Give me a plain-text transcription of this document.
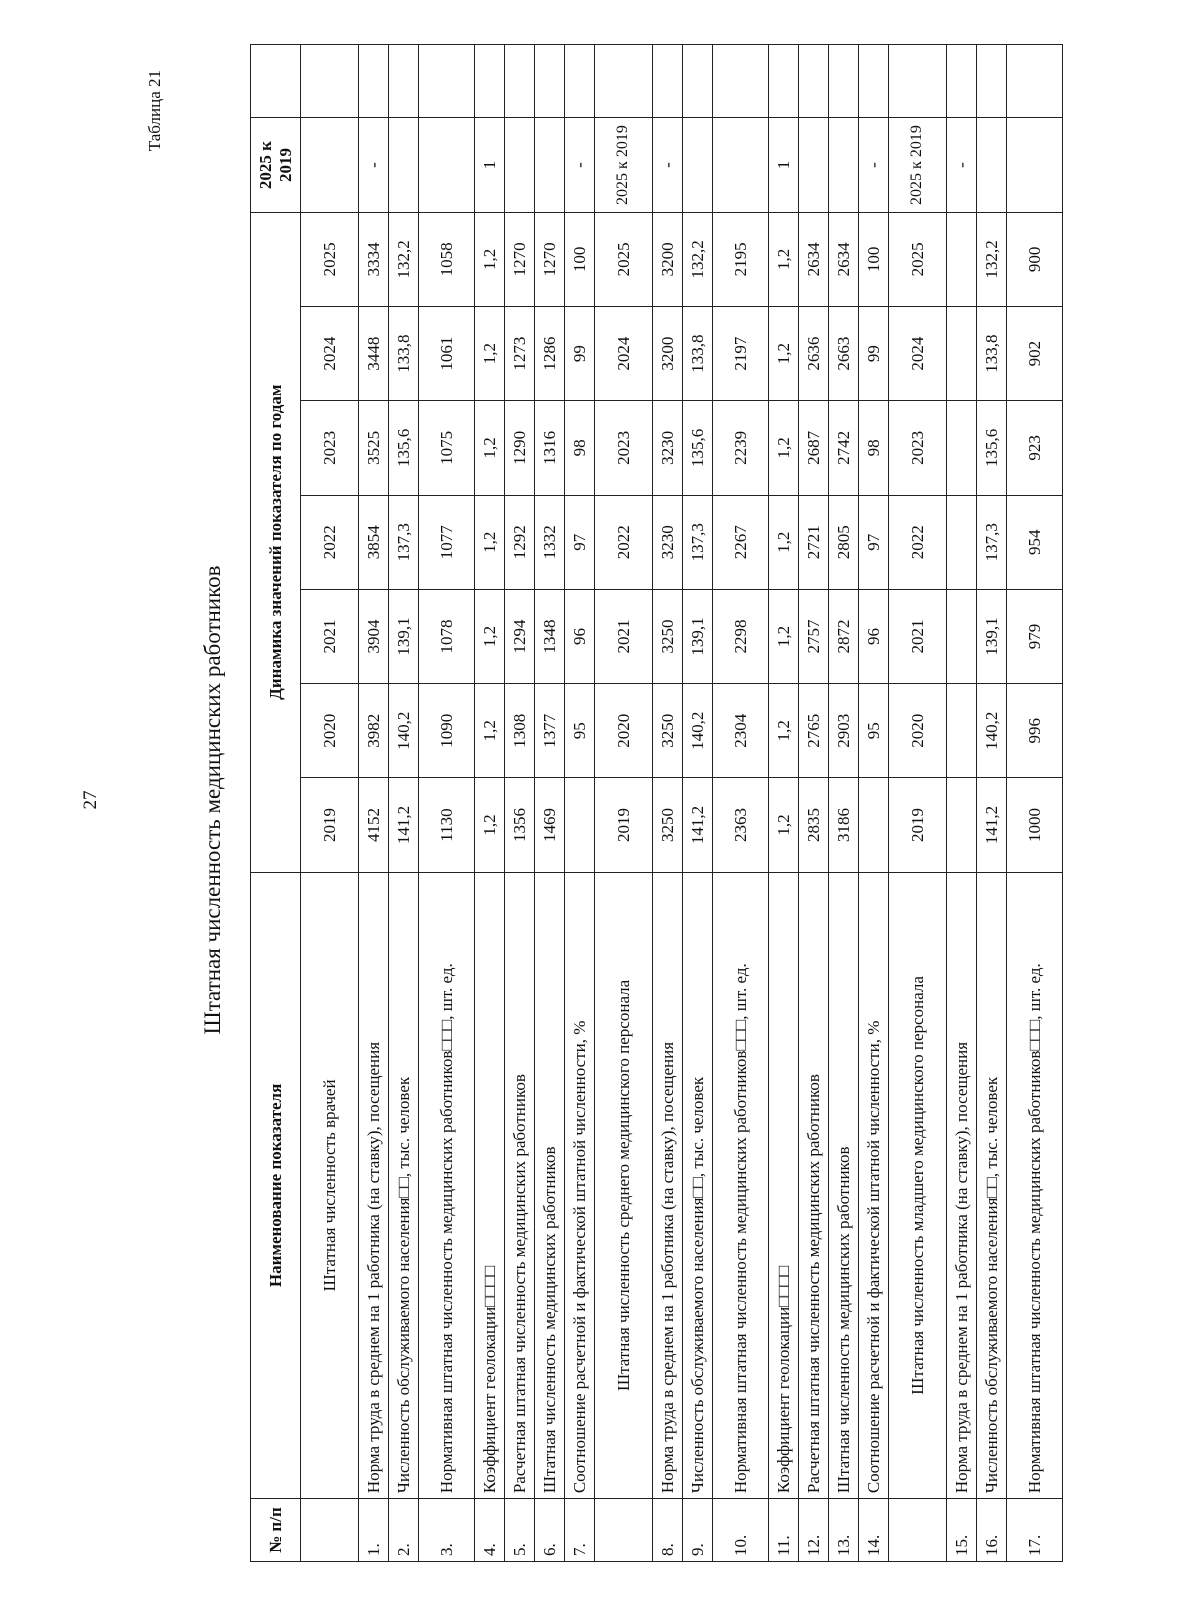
27
Таблица 21
Штатная численность медицинских работников
№ п/п	Наименование показателя	Динамика значений показателя по годам							2025 к 2019	

	Штатная численность врачей	2019	2020	2021	2022	2023	2024	2025		
1.	Норма труда в среднем на 1 работника (на ставку), посещения	4152	3982	3904	3854	3525	3448	3334	-	
2.	Численность обслуживаемого населения□□, тыс. человек	141,2	140,2	139,1	137,3	135,6	133,8	132,2		
3.	Нормативная штатная численность медицинских работников□□□, шт. ед.	1130	1090	1078	1077	1075	1061	1058		
4.	Коэффициент геолокации□□□□	1,2	1,2	1,2	1,2	1,2	1,2	1,2	1	
5.	Расчетная штатная численность медицинских работников	1356	1308	1294	1292	1290	1273	1270		
6.	Штатная численность медицинских работников	1469	1377	1348	1332	1316	1286	1270		
7.	Соотношение расчетной и фактической штатной численности, %		95	96	97	98	99	100	-	
	Штатная численность среднего медицинского персонала	2019	2020	2021	2022	2023	2024	2025	2025 к 2019	
8.	Норма труда в среднем на 1 работника (на ставку), посещения	3250	3250	3250	3230	3230	3200	3200	-	
9.	Численность обслуживаемого населения□□, тыс. человек	141,2	140,2	139,1	137,3	135,6	133,8	132,2		
10.	Нормативная штатная численность медицинских работников□□□, шт. ед.	2363	2304	2298	2267	2239	2197	2195		
11.	Коэффициент геолокации□□□□	1,2	1,2	1,2	1,2	1,2	1,2	1,2	1	
12.	Расчетная штатная численность медицинских работников	2835	2765	2757	2721	2687	2636	2634		
13.	Штатная численность медицинских работников	3186	2903	2872	2805	2742	2663	2634		
14.	Соотношение расчетной и фактической штатной численности, %		95	96	97	98	99	100	-	
	Штатная численность младшего медицинского персонала	2019	2020	2021	2022	2023	2024	2025	2025 к 2019	
15.	Норма труда в среднем на 1 работника (на ставку), посещения								-	
16.	Численность обслуживаемого населения□□, тыс. человек	141,2	140,2	139,1	137,3	135,6	133,8	132,2		
17.	Нормативная штатная численность медицинских работников□□□, шт. ед.	1000	996	979	954	923	902	900		
